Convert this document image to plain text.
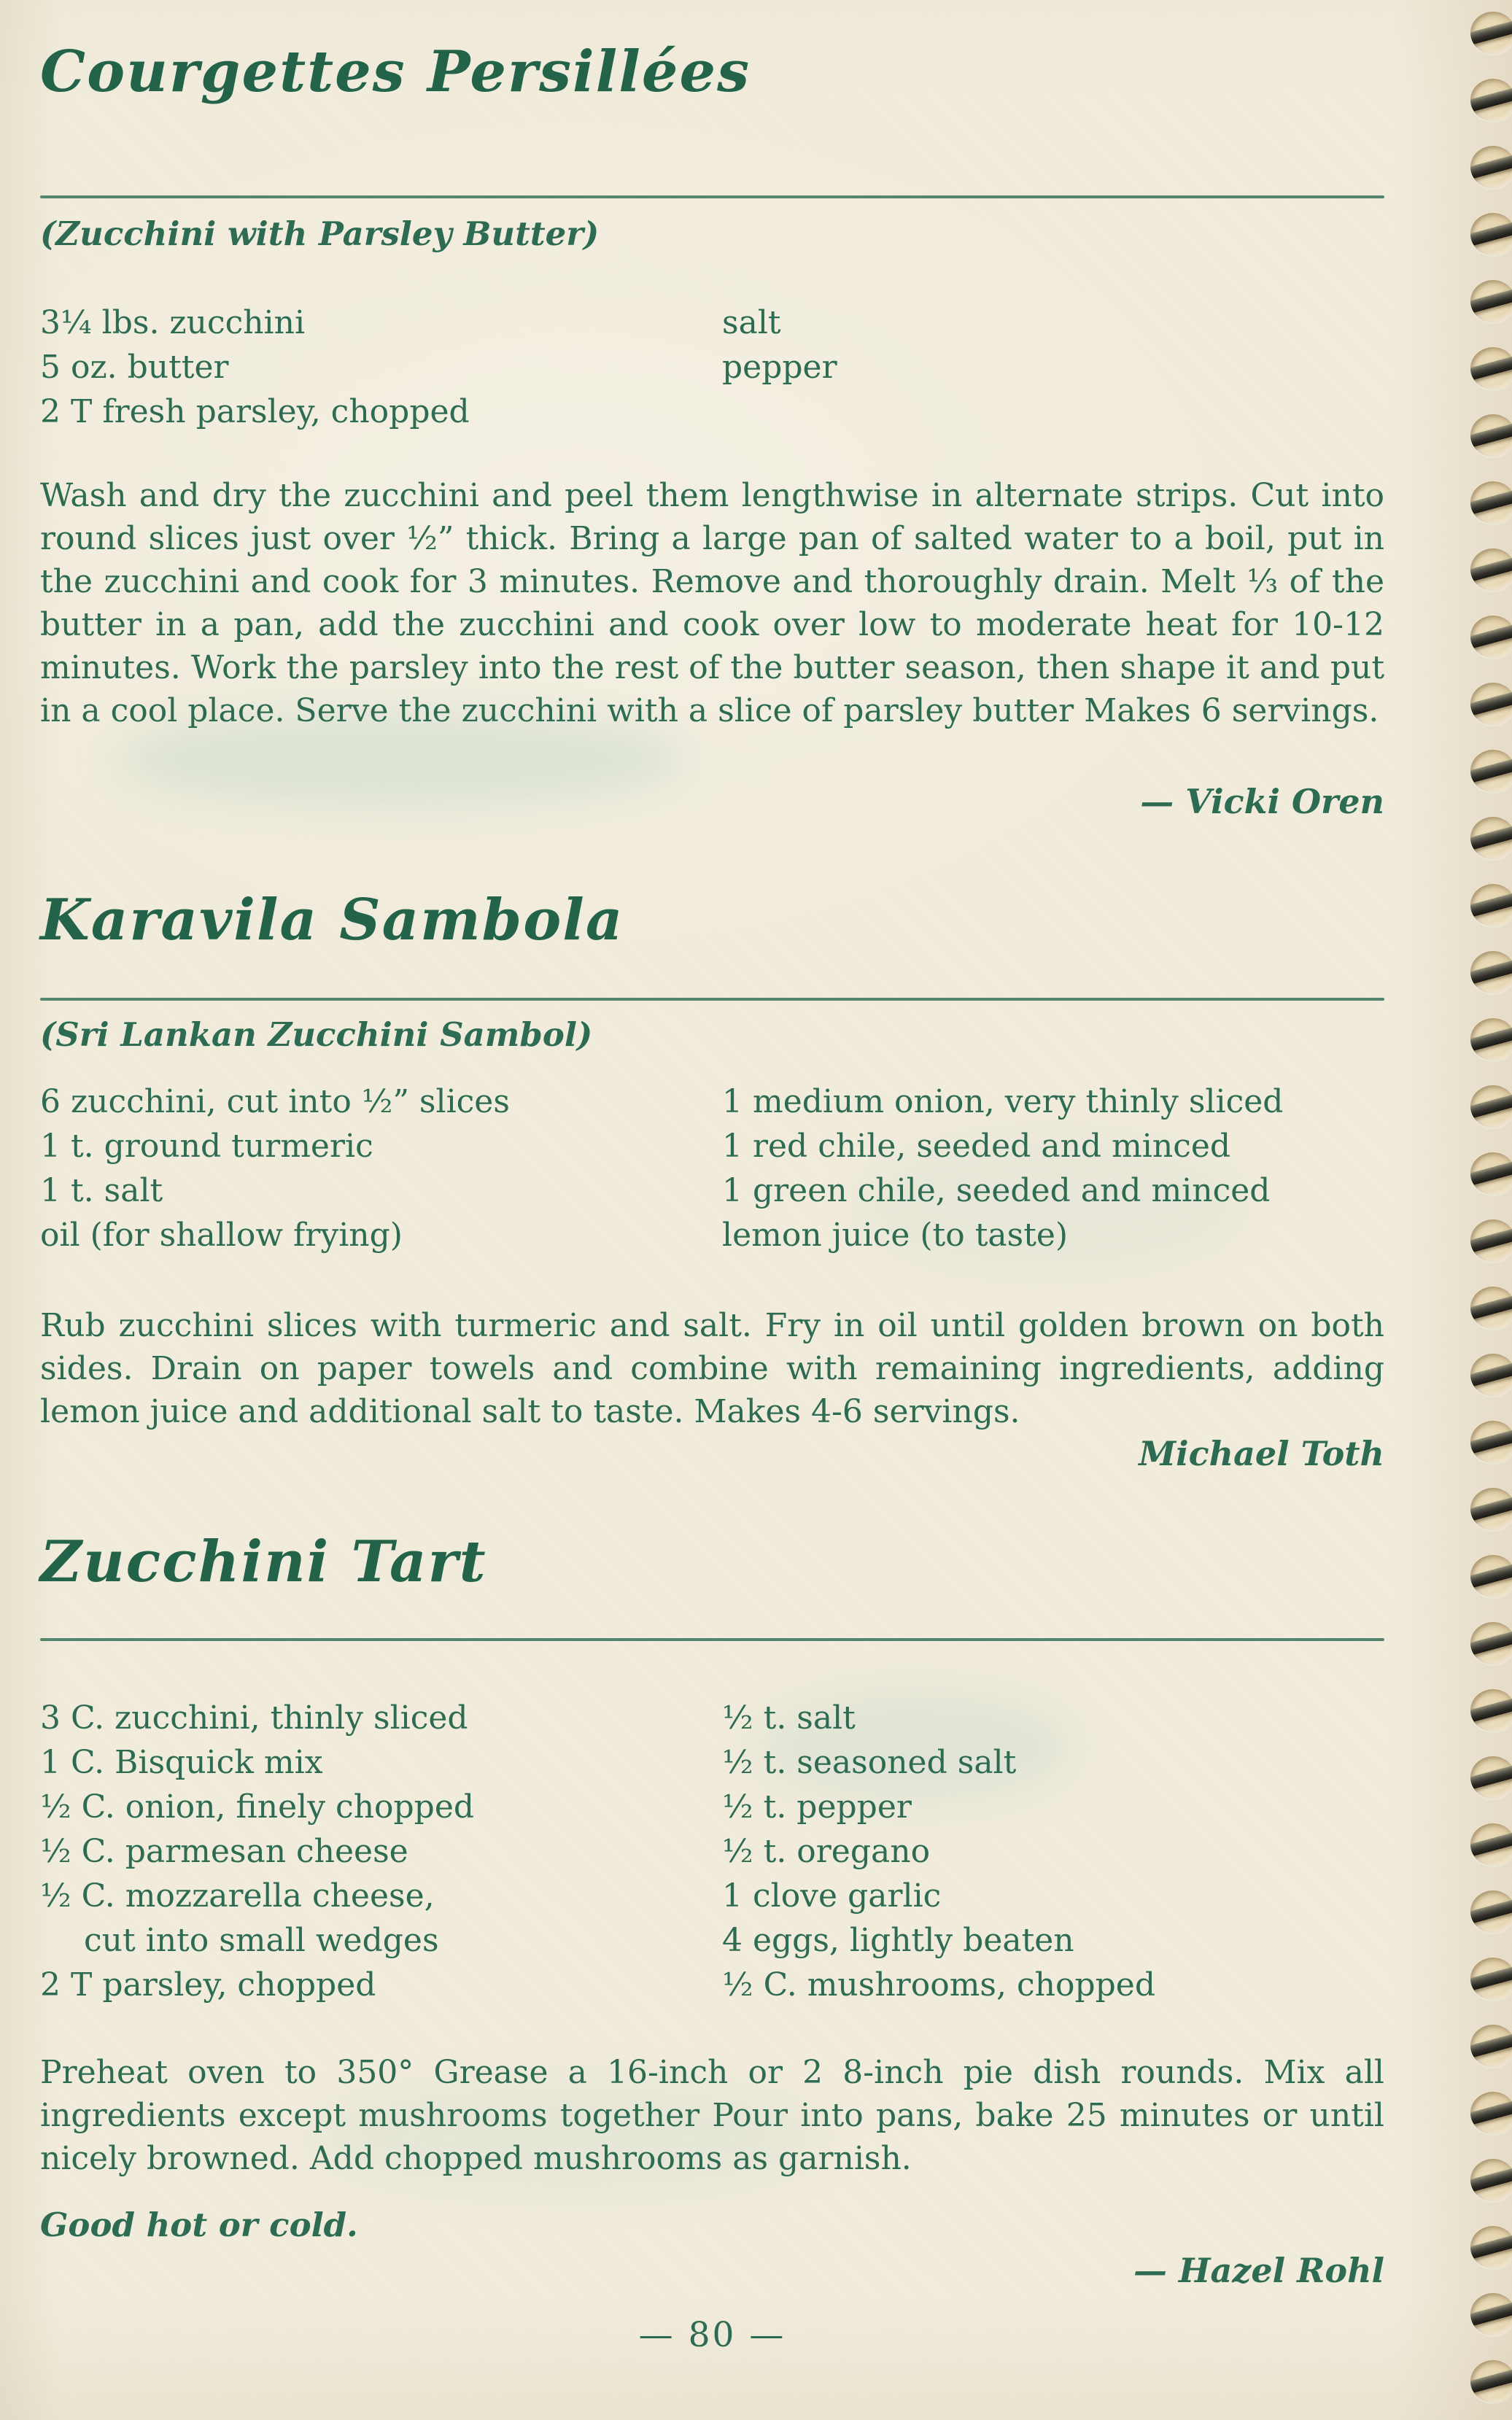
Courgettes Persillées
(Zucchini with Parsley Butter)
3¼ lbs. zucchini
5 oz. butter
2 T fresh parsley, chopped
salt
pepper

Wash and dry the zucchini and peel them lengthwise in alternate strips. Cut into round slices just over ½” thick. Bring a large pan of salted water to a boil, put in the zucchini and cook for 3 minutes. Remove and thoroughly drain. Melt ⅓ of the butter in a pan, add the zucchini and cook over low to moderate heat for 10-12 minutes. Work the parsley into the rest of the butter season, then shape it and put in a cool place. Serve the zucchini with a slice of parsley butter Makes 6 servings.

— Vicki Oren
Karavila Sambola
(Sri Lankan Zucchini Sambol)
6 zucchini, cut into ½” slices
1 t. ground turmeric
1 t. salt
oil (for shallow frying)
1 medium onion, very thinly sliced
1 red chile, seeded and minced
1 green chile, seeded and minced
lemon juice (to taste)

Rub zucchini slices with turmeric and salt. Fry in oil until golden brown on both sides. Drain on paper towels and combine with remaining ingredients, adding lemon juice and additional salt to taste. Makes 4-6 servings.

Michael Toth
Zucchini Tart
3 C. zucchini, thinly sliced
1 C. Bisquick mix
½ C. onion, finely chopped
½ C. parmesan cheese
½ C. mozzarella cheese,
cut into small wedges
2 T parsley, chopped
½ t. salt
½ t. seasoned salt
½ t. pepper
½ t. oregano
1 clove garlic
4 eggs, lightly beaten
½ C. mushrooms, chopped

Preheat oven to 350° Grease a 16-inch or 2 8-inch pie dish rounds. Mix all ingredients except mushrooms together Pour into pans, bake 25 minutes or until nicely browned. Add chopped mushrooms as garnish.

Good hot or cold.
— Hazel Rohl
— 80 —
